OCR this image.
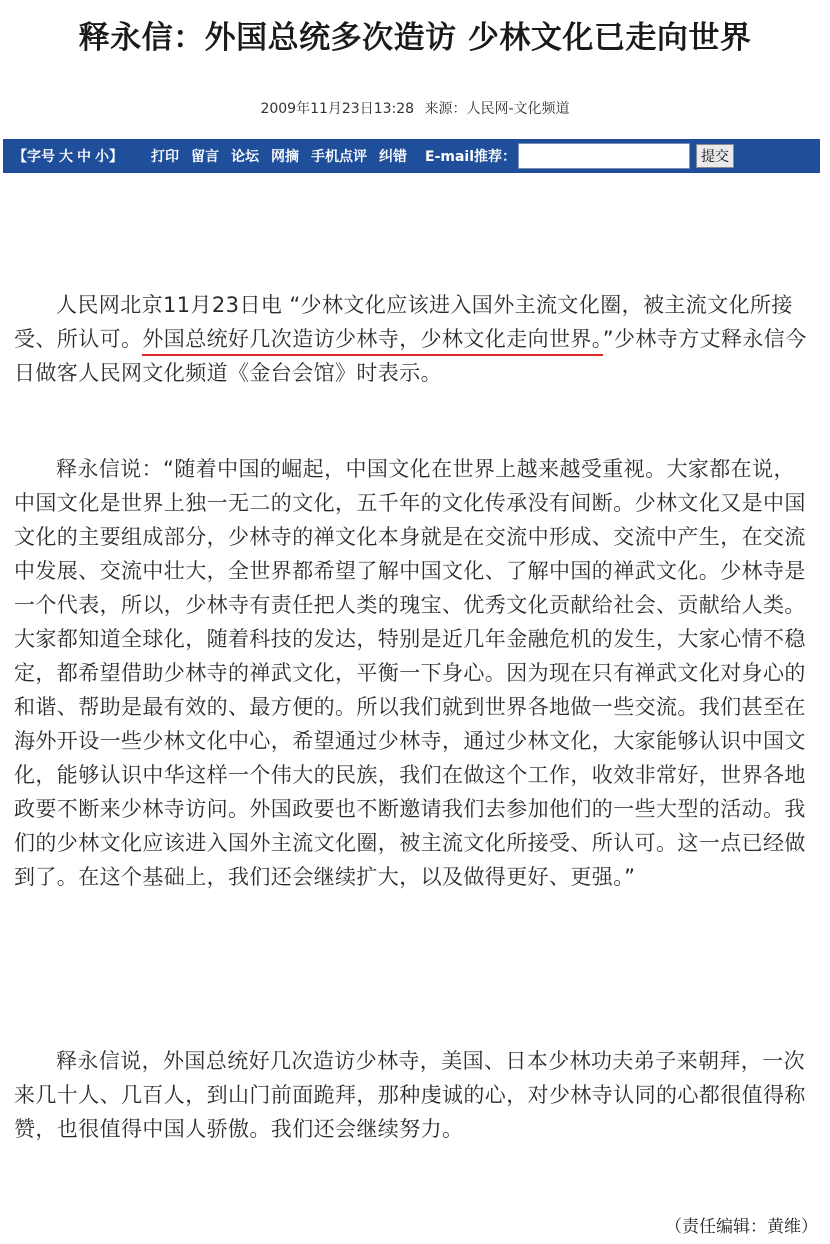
释永信：外国总统多次造访 少林文化已走向世界
2009年11月23日13:28 来源：人民网-文化频道
【字号 大 中 小】 打印 留言 论坛 网摘 手机点评 纠错 E-mail推荐：	提交

人民网北京11月23日电 “少林文化应该进入国外主流文化圈，被主流文化所接受、所认可。外国总统好几次造访少林寺，少林文化走向世界。”少林寺方丈释永信今日做客人民网文化频道《金台会馆》时表示。

释永信说：“随着中国的崛起，中国文化在世界上越来越受重视。大家都在说，中国文化是世界上独一无二的文化，五千年的文化传承没有间断。少林文化又是中国文化的主要组成部分，少林寺的禅文化本身就是在交流中形成、交流中产生，在交流中发展、交流中壮大，全世界都希望了解中国文化、了解中国的禅武文化。少林寺是一个代表，所以，少林寺有责任把人类的瑰宝、优秀文化贡献给社会、贡献给人类。大家都知道全球化，随着科技的发达，特别是近几年金融危机的发生，大家心情不稳定，都希望借助少林寺的禅武文化，平衡一下身心。因为现在只有禅武文化对身心的和谐、帮助是最有效的、最方便的。所以我们就到世界各地做一些交流。我们甚至在海外开设一些少林文化中心，希望通过少林寺，通过少林文化，大家能够认识中国文化，能够认识中华这样一个伟大的民族，我们在做这个工作，收效非常好，世界各地政要不断来少林寺访问。外国政要也不断邀请我们去参加他们的一些大型的活动。我们的少林文化应该进入国外主流文化圈，被主流文化所接受、所认可。这一点已经做到了。在这个基础上，我们还会继续扩大，以及做得更好、更强。”

释永信说，外国总统好几次造访少林寺，美国、日本少林功夫弟子来朝拜，一次来几十人、几百人，到山门前面跪拜，那种虔诚的心，对少林寺认同的心都很值得称赞，也很值得中国人骄傲。我们还会继续努力。

（责任编辑：黄维）
